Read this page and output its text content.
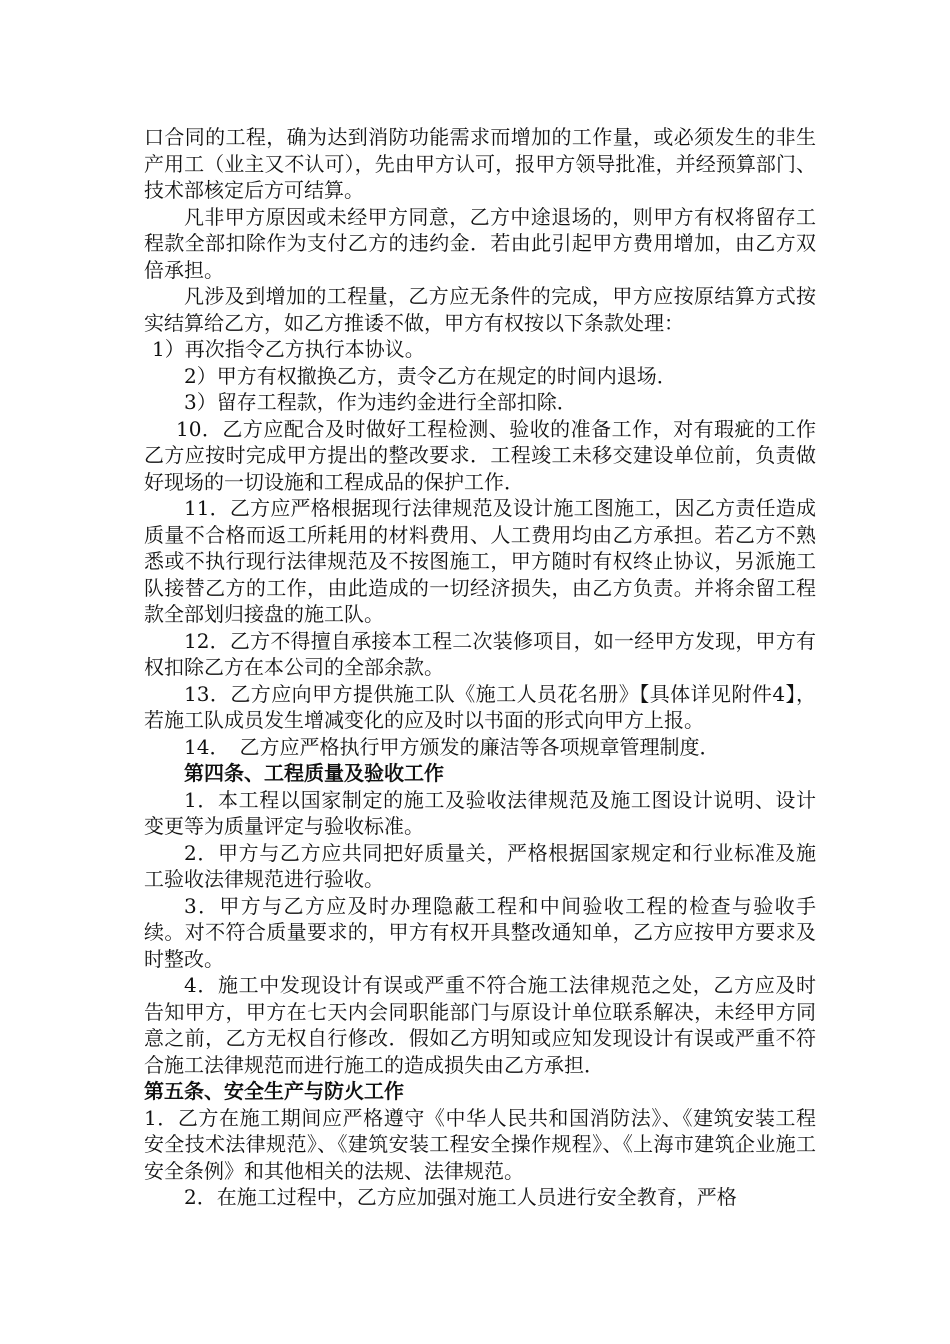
口合同的工程，确为达到消防功能需求而增加的工作量，或必须发生的非生产用工（业主又不认可），先由甲方认可，报甲方领导批准，并经预算部门、技术部核定后方可结算。

凡非甲方原因或未经甲方同意，乙方中途退场的，则甲方有权将留存工程款全部扣除作为支付乙方的违约金．若由此引起甲方费用增加，由乙方双倍承担。

凡涉及到增加的工程量，乙方应无条件的完成，甲方应按原结算方式按实结算给乙方，如乙方推诿不做，甲方有权按以下条款处理：

1）再次指令乙方执行本协议。

2）甲方有权撤换乙方，责令乙方在规定的时间内退场．

3）留存工程款，作为违约金进行全部扣除．

10．乙方应配合及时做好工程检测、验收的准备工作，对有瑕疵的工作乙方应按时完成甲方提出的整改要求．工程竣工未移交建设单位前，负责做好现场的一切设施和工程成品的保护工作．

11．乙方应严格根据现行法律规范及设计施工图施工，因乙方责任造成质量不合格而返工所耗用的材料费用、人工费用均由乙方承担。若乙方不熟悉或不执行现行法律规范及不按图施工，甲方随时有权终止协议，另派施工队接替乙方的工作，由此造成的一切经济损失，由乙方负责。并将余留工程款全部划归接盘的施工队。

12．乙方不得擅自承接本工程二次装修项目，如一经甲方发现，甲方有权扣除乙方在本公司的全部余款。

13．乙方应向甲方提供施工队《施工人员花名册》【具体详见附件4】，若施工队成员发生增减变化的应及时以书面的形式向甲方上报。

14．　乙方应严格执行甲方颁发的廉洁等各项规章管理制度．

第四条、工程质量及验收工作

1．本工程以国家制定的施工及验收法律规范及施工图设计说明、设计变更等为质量评定与验收标准。

2．甲方与乙方应共同把好质量关，严格根据国家规定和行业标准及施工验收法律规范进行验收。

3．甲方与乙方应及时办理隐蔽工程和中间验收工程的检查与验收手续。对不符合质量要求的，甲方有权开具整改通知单，乙方应按甲方要求及时整改。

4．施工中发现设计有误或严重不符合施工法律规范之处，乙方应及时告知甲方，甲方在七天内会同职能部门与原设计单位联系解决，未经甲方同意之前，乙方无权自行修改．假如乙方明知或应知发现设计有误或严重不符合施工法律规范而进行施工的造成损失由乙方承担．

第五条、安全生产与防火工作

1．乙方在施工期间应严格遵守《中华人民共和国消防法》、《建筑安装工程安全技术法律规范》、《建筑安装工程安全操作规程》、《上海市建筑企业施工安全条例》和其他相关的法规、法律规范。

2．在施工过程中，乙方应加强对施工人员进行安全教育，严格
